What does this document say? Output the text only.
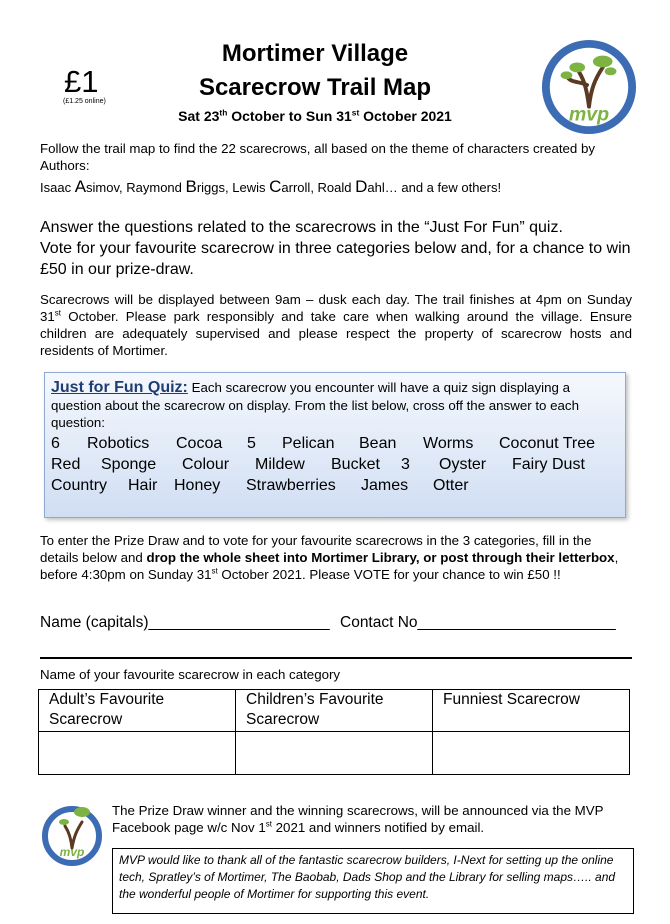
£1
(£1.25 online)
Mortimer Village
Scarecrow Trail Map
Sat 23th October to Sun 31st October 2021	mvp
Follow the trail map to find the 22 scarecrows, all based on the theme of characters created by Authors:
Isaac Asimov, Raymond Briggs, Lewis Carroll, Roald Dahl… and a few others!
Answer the questions related to the scarecrows in the “Just For Fun” quiz.
Vote for your favourite scarecrow in three categories below and, for a chance to win £50 in our prize-draw.
Scarecrows will be displayed between 9am – dusk each day. The trail finishes at 4pm on Sunday 31st October. Please park responsibly and take care when walking around the village. Ensure children are adequately supervised and please respect the property of scarecrow hosts and residents of Mortimer.
Just for Fun Quiz: Each scarecrow you encounter will have a quiz sign displaying a question about the scarecrow on display. From the list below, cross off the answer to each question:
6 Robotics Cocoa 5 Pelican Bean Worms Coconut Tree
Red Sponge Colour Mildew Bucket 3 Oyster Fairy Dust
Country Hair Honey Strawberries James Otter
To enter the Prize Draw and to vote for your favourite scarecrows in the 3 categories, fill in the details below and drop the whole sheet into Mortimer Library, or post through their letterbox, before 4:30pm on Sunday 31st October 2021. Please VOTE for your chance to win £50 !!
Name (capitals)_____________________ Contact No_______________________
Name of your favourite scarecrow in each category
Adult’s Favourite Scarecrow	Children’s Favourite Scarecrow	Funniest Scarecrow

mvp
The Prize Draw winner and the winning scarecrows, will be announced via the MVP Facebook page w/c Nov 1st 2021 and winners notified by email.
MVP would like to thank all of the fantastic scarecrow builders, I-Next for setting up the online tech, Spratley’s of Mortimer, The Baobab, Dads Shop and the Library for selling maps….. and the wonderful people of Mortimer for supporting this event.
